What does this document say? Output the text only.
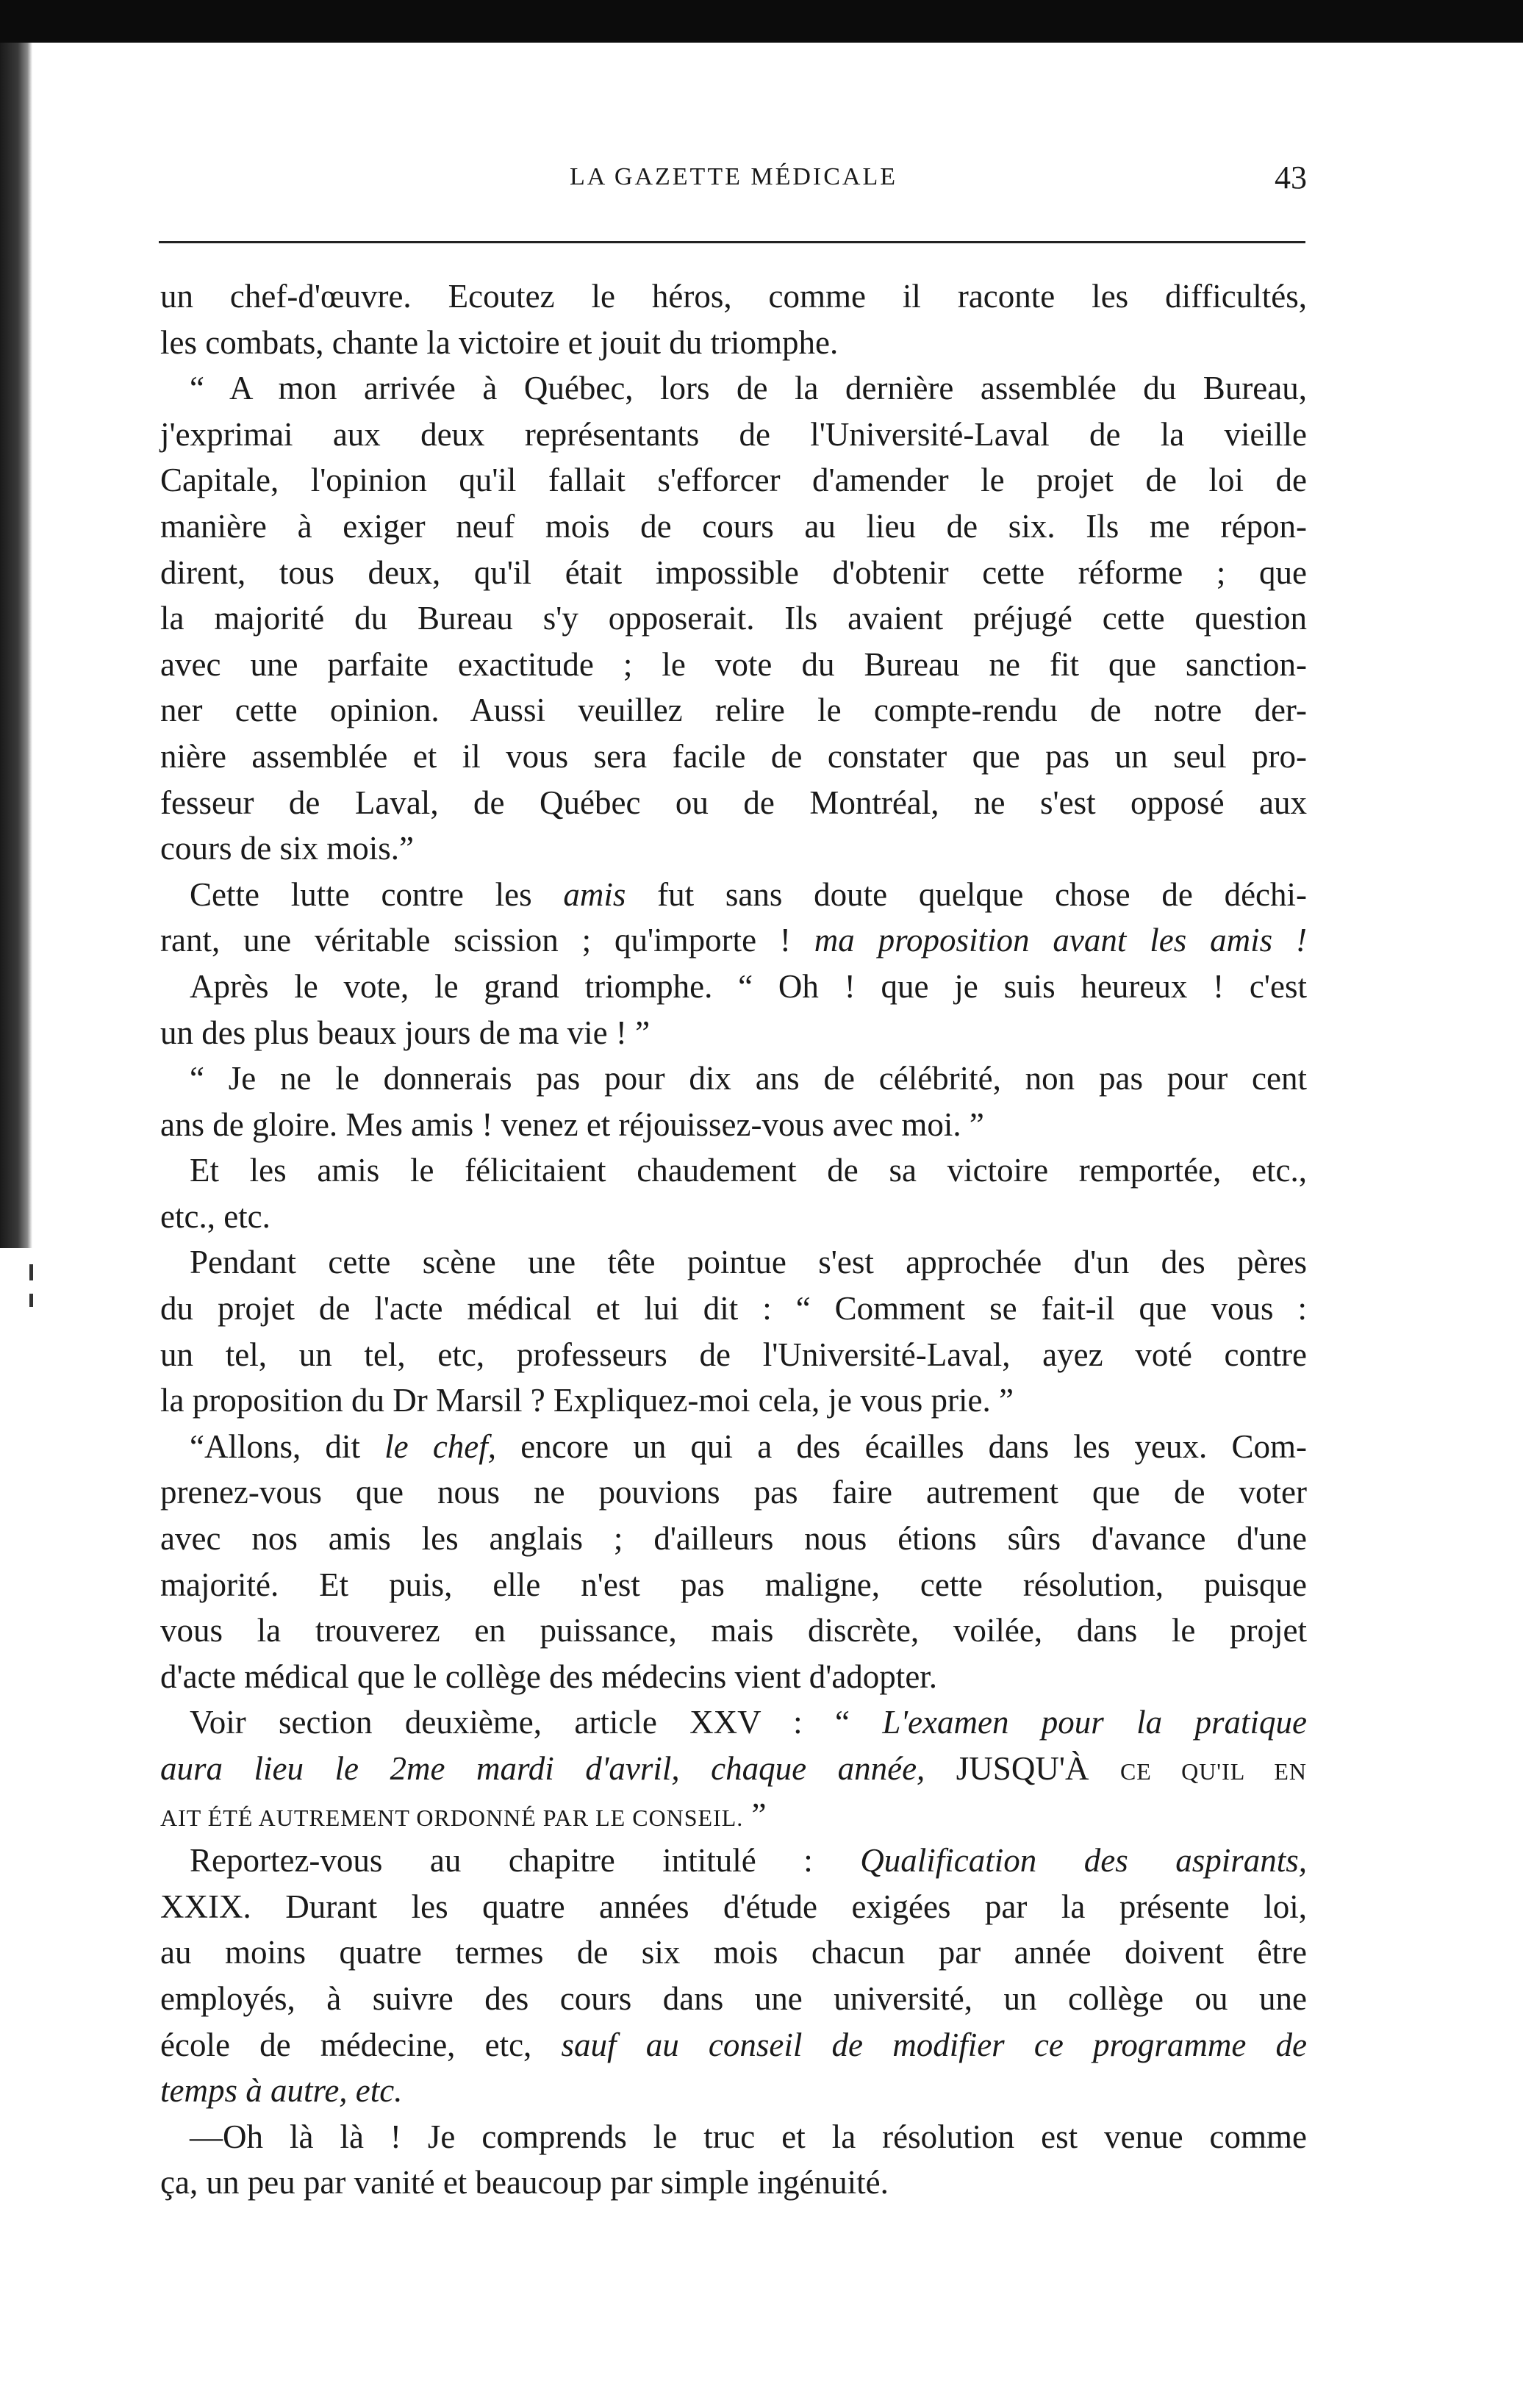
LA GAZETTE MÉDICALE	43
un chef-d'œuvre. Ecoutez le héros, comme il raconte les difficultés,
les combats, chante la victoire et jouit du triomphe.
“ A mon arrivée à Québec, lors de la dernière assemblée du Bureau,
j'exprimai aux deux représentants de l'Université-Laval de la vieille
Capitale, l'opinion qu'il fallait s'efforcer d'amender le projet de loi de
manière à exiger neuf mois de cours au lieu de six. Ils me répon-
dirent, tous deux, qu'il était impossible d'obtenir cette réforme ; que
la majorité du Bureau s'y opposerait. Ils avaient préjugé cette question
avec une parfaite exactitude ; le vote du Bureau ne fit que sanction-
ner cette opinion. Aussi veuillez relire le compte-rendu de notre der-
nière assemblée et il vous sera facile de constater que pas un seul pro-
fesseur de Laval, de Québec ou de Montréal, ne s'est opposé aux
cours de six mois.”
Cette lutte contre les amis fut sans doute quelque chose de déchi-
rant, une véritable scission ; qu'importe ! ma proposition avant les amis !
Après le vote, le grand triomphe. “ Oh ! que je suis heureux ! c'est
un des plus beaux jours de ma vie ! ”
“ Je ne le donnerais pas pour dix ans de célébrité, non pas pour cent
ans de gloire. Mes amis ! venez et réjouissez-vous avec moi. ”
Et les amis le félicitaient chaudement de sa victoire remportée, etc.,
etc., etc.
Pendant cette scène une tête pointue s'est approchée d'un des pères
du projet de l'acte médical et lui dit : “ Comment se fait-il que vous :
un tel, un tel, etc, professeurs de l'Université-Laval, ayez voté contre
la proposition du Dr Marsil ? Expliquez-moi cela, je vous prie. ”
“Allons, dit le chef, encore un qui a des écailles dans les yeux. Com-
prenez-vous que nous ne pouvions pas faire autrement que de voter
avec nos amis les anglais ; d'ailleurs nous étions sûrs d'avance d'une
majorité. Et puis, elle n'est pas maligne, cette résolution, puisque
vous la trouverez en puissance, mais discrète, voilée, dans le projet
d'acte médical que le collège des médecins vient d'adopter.
Voir section deuxième, article XXV : “ L'examen pour la pratique
aura lieu le 2me mardi d'avril, chaque année, JUSQU'À CE QU'IL EN
AIT ÉTÉ AUTREMENT ORDONNÉ PAR LE CONSEIL. ”
Reportez-vous au chapitre intitulé : Qualification des aspirants,
XXIX. Durant les quatre années d'étude exigées par la présente loi,
au moins quatre termes de six mois chacun par année doivent être
employés, à suivre des cours dans une université, un collège ou une
école de médecine, etc, sauf au conseil de modifier ce programme de
temps à autre, etc.
—Oh là là ! Je comprends le truc et la résolution est venue comme
ça, un peu par vanité et beaucoup par simple ingénuité.
